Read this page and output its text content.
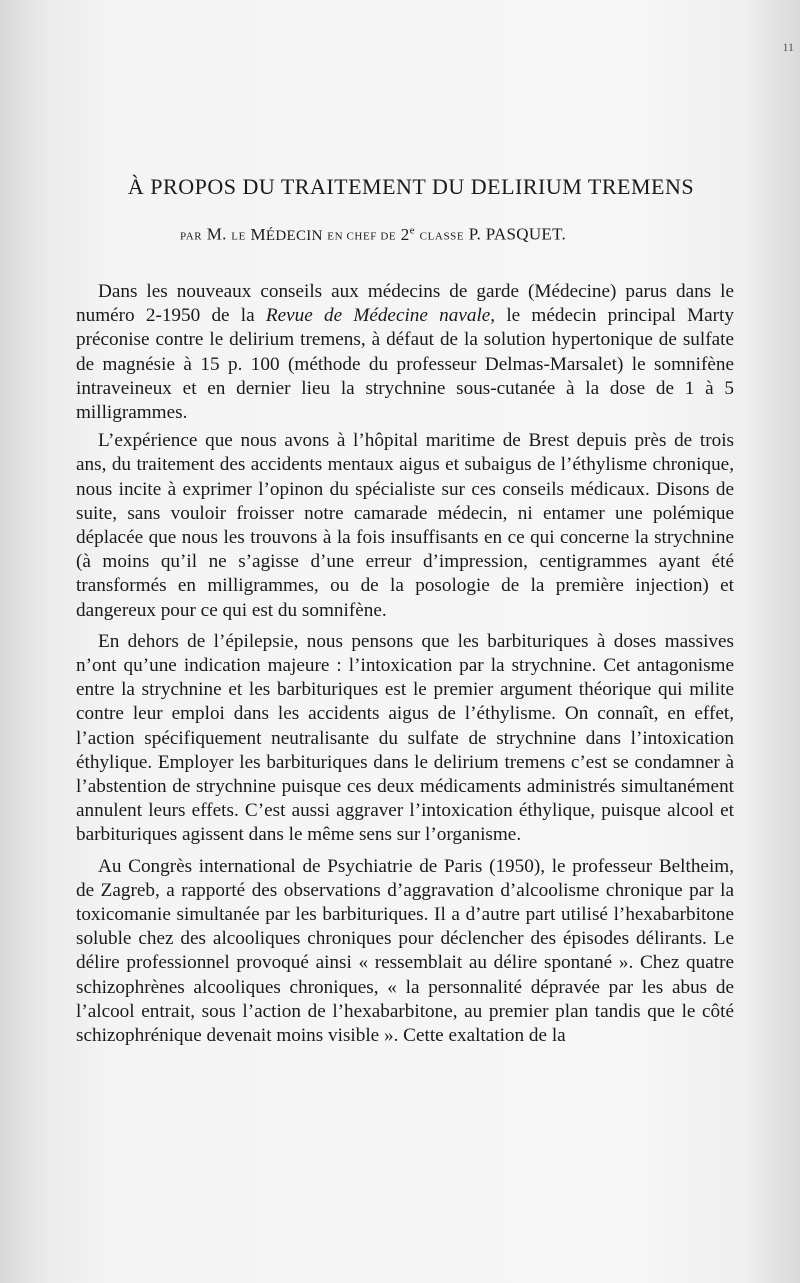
11
À PROPOS DU TRAITEMENT DU DELIRIUM TREMENS
PAR M. LE MÉDECIN EN CHEF DE 2e CLASSE P. PASQUET.

Dans les nouveaux conseils aux médecins de garde (Médecine) parus dans le numéro 2-1950 de la Revue de Médecine navale, le médecin principal Marty préconise contre le delirium tremens, à défaut de la solution hypertonique de sulfate de magnésie à 15 p. 100 (méthode du professeur Delmas-Marsalet) le somnifène intraveineux et en dernier lieu la strychnine sous-cutanée à la dose de 1 à 5 milligrammes.

L’expérience que nous avons à l’hôpital maritime de Brest depuis près de trois ans, du traitement des accidents mentaux aigus et subaigus de l’éthylisme chronique, nous incite à exprimer l’opinon du spécialiste sur ces conseils médicaux. Disons de suite, sans vouloir froisser notre camarade médecin, ni entamer une polémique déplacée que nous les trouvons à la fois insuffisants en ce qui concerne la strychnine (à moins qu’il ne s’agisse d’une erreur d’impression, centigrammes ayant été transformés en milligrammes, ou de la posologie de la première injection) et dangereux pour ce qui est du somnifène.

En dehors de l’épilepsie, nous pensons que les barbituriques à doses massives n’ont qu’une indication majeure : l’intoxication par la strychnine. Cet antagonisme entre la strychnine et les barbituriques est le premier argument théorique qui milite contre leur emploi dans les accidents aigus de l’éthylisme. On connaît, en effet, l’action spécifiquement neutralisante du sulfate de strychnine dans l’intoxication éthylique. Employer les barbituriques dans le delirium tremens c’est se condamner à l’abstention de strychnine puisque ces deux médicaments administrés simultanément annulent leurs effets. C’est aussi aggraver l’intoxication éthylique, puisque alcool et barbituriques agissent dans le même sens sur l’organisme.

Au Congrès international de Psychiatrie de Paris (1950), le professeur Beltheim, de Zagreb, a rapporté des observations d’aggravation d’alcoolisme chronique par la toxicomanie simultanée par les barbituriques. Il a d’autre part utilisé l’hexabarbitone soluble chez des alcooliques chroniques pour déclencher des épisodes délirants. Le délire professionnel provoqué ainsi « ressemblait au délire spontané ». Chez quatre schizophrènes alcooliques chroniques, « la personnalité dépravée par les abus de l’alcool entrait, sous l’action de l’hexabarbitone, au premier plan tandis que le côté schizophrénique devenait moins visible ». Cette exaltation de la
